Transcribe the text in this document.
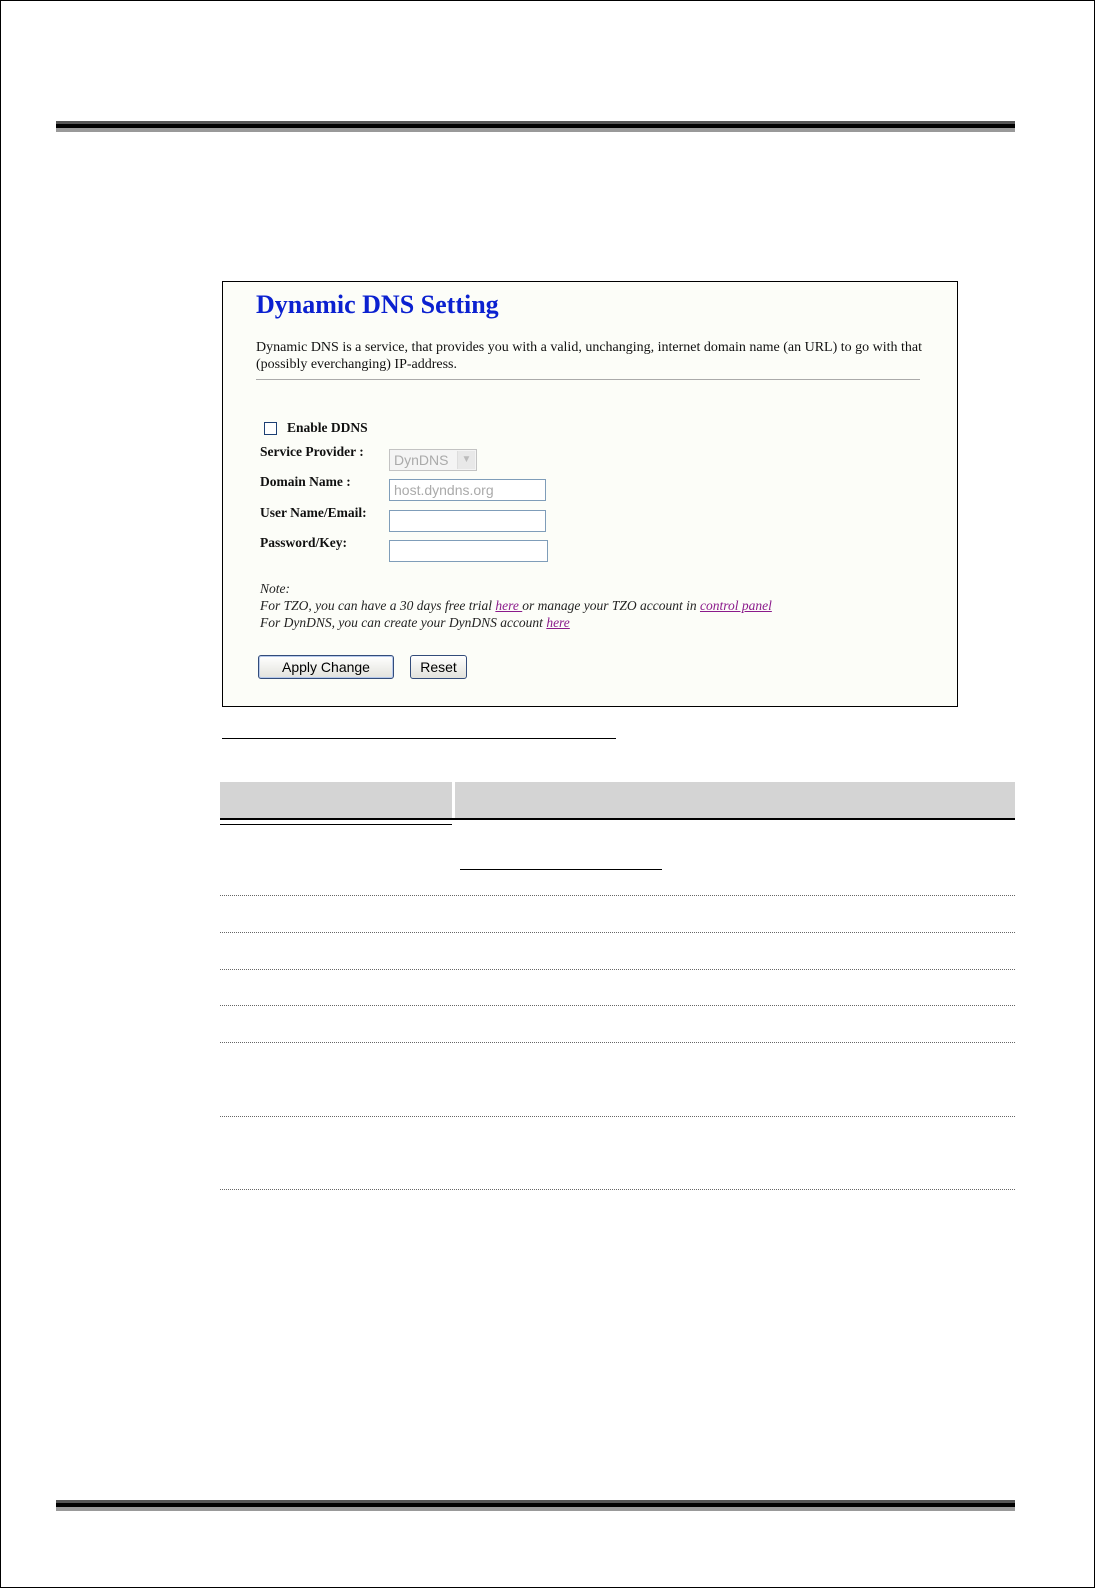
Dynamic DNS Setting

Dynamic DNS is a service, that provides you with a valid, unchanging, internet domain name (an URL) to go with that (possibly everchanging) IP-address.

Enable DDNS
Service Provider :
DynDNS	▼
Domain Name :
host.dyndns.org
User Name/Email:
Password/Key:
Note:
For TZO, you can have a 30 days free trial here or manage your TZO account in control panel
For DynDNS, you can create your DynDNS account here
Apply Change	Reset
